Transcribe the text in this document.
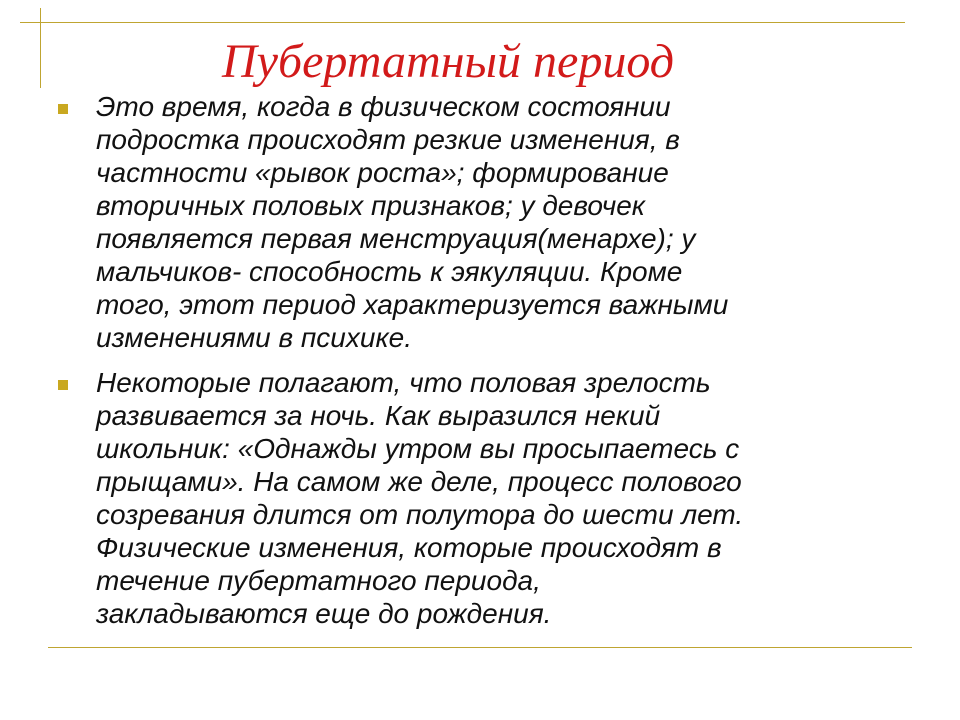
Пубертатный период
Это время, когда в физическом состоянии
подростка происходят резкие изменения, в
частности «рывок роста»; формирование
вторичных половых признаков; у девочек
появляется первая менструация(менархе); у
мальчиков- способность к эякуляции. Кроме
того, этот период характеризуется важными
изменениями в психике.
Некоторые полагают, что половая зрелость
развивается за ночь. Как выразился некий
школьник: «Однажды утром вы просыпаетесь с
прыщами». На самом же деле, процесс полового
созревания длится от полутора до шести лет.
Физические изменения, которые происходят в
течение пубертатного периода,
закладываются еще до рождения.
